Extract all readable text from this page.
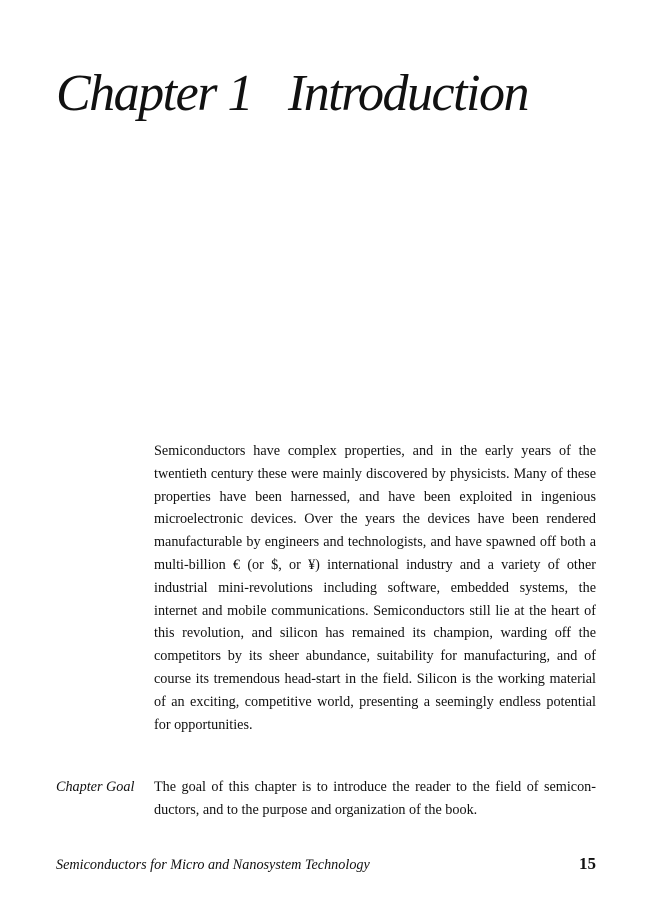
Chapter 1 Introduction

Semiconductors have complex properties, and in the early years of the twentieth century these were mainly discovered by physicists. Many of these properties have been harnessed, and have been exploited in ingenious microelectronic devices. Over the years the devices have been rendered manufacturable by engineers and technologists, and have spawned off both a multi-billion € (or $, or ¥) international industry and a variety of other industrial mini-revolutions including software, embedded systems, the internet and mobile communications. Semiconductors still lie at the heart of this revolution, and silicon has remained its champion, warding off the competitors by its sheer abundance, suitability for manufacturing, and of course its tremendous head-start in the field. Silicon is the working material of an exciting, competitive world, presenting a seemingly endless potential for opportunities.

Chapter Goal The goal of this chapter is to introduce the reader to the field of semiconductors, and to the purpose and organization of the book.

Semiconductors for Micro and Nanosystem Technology	15
